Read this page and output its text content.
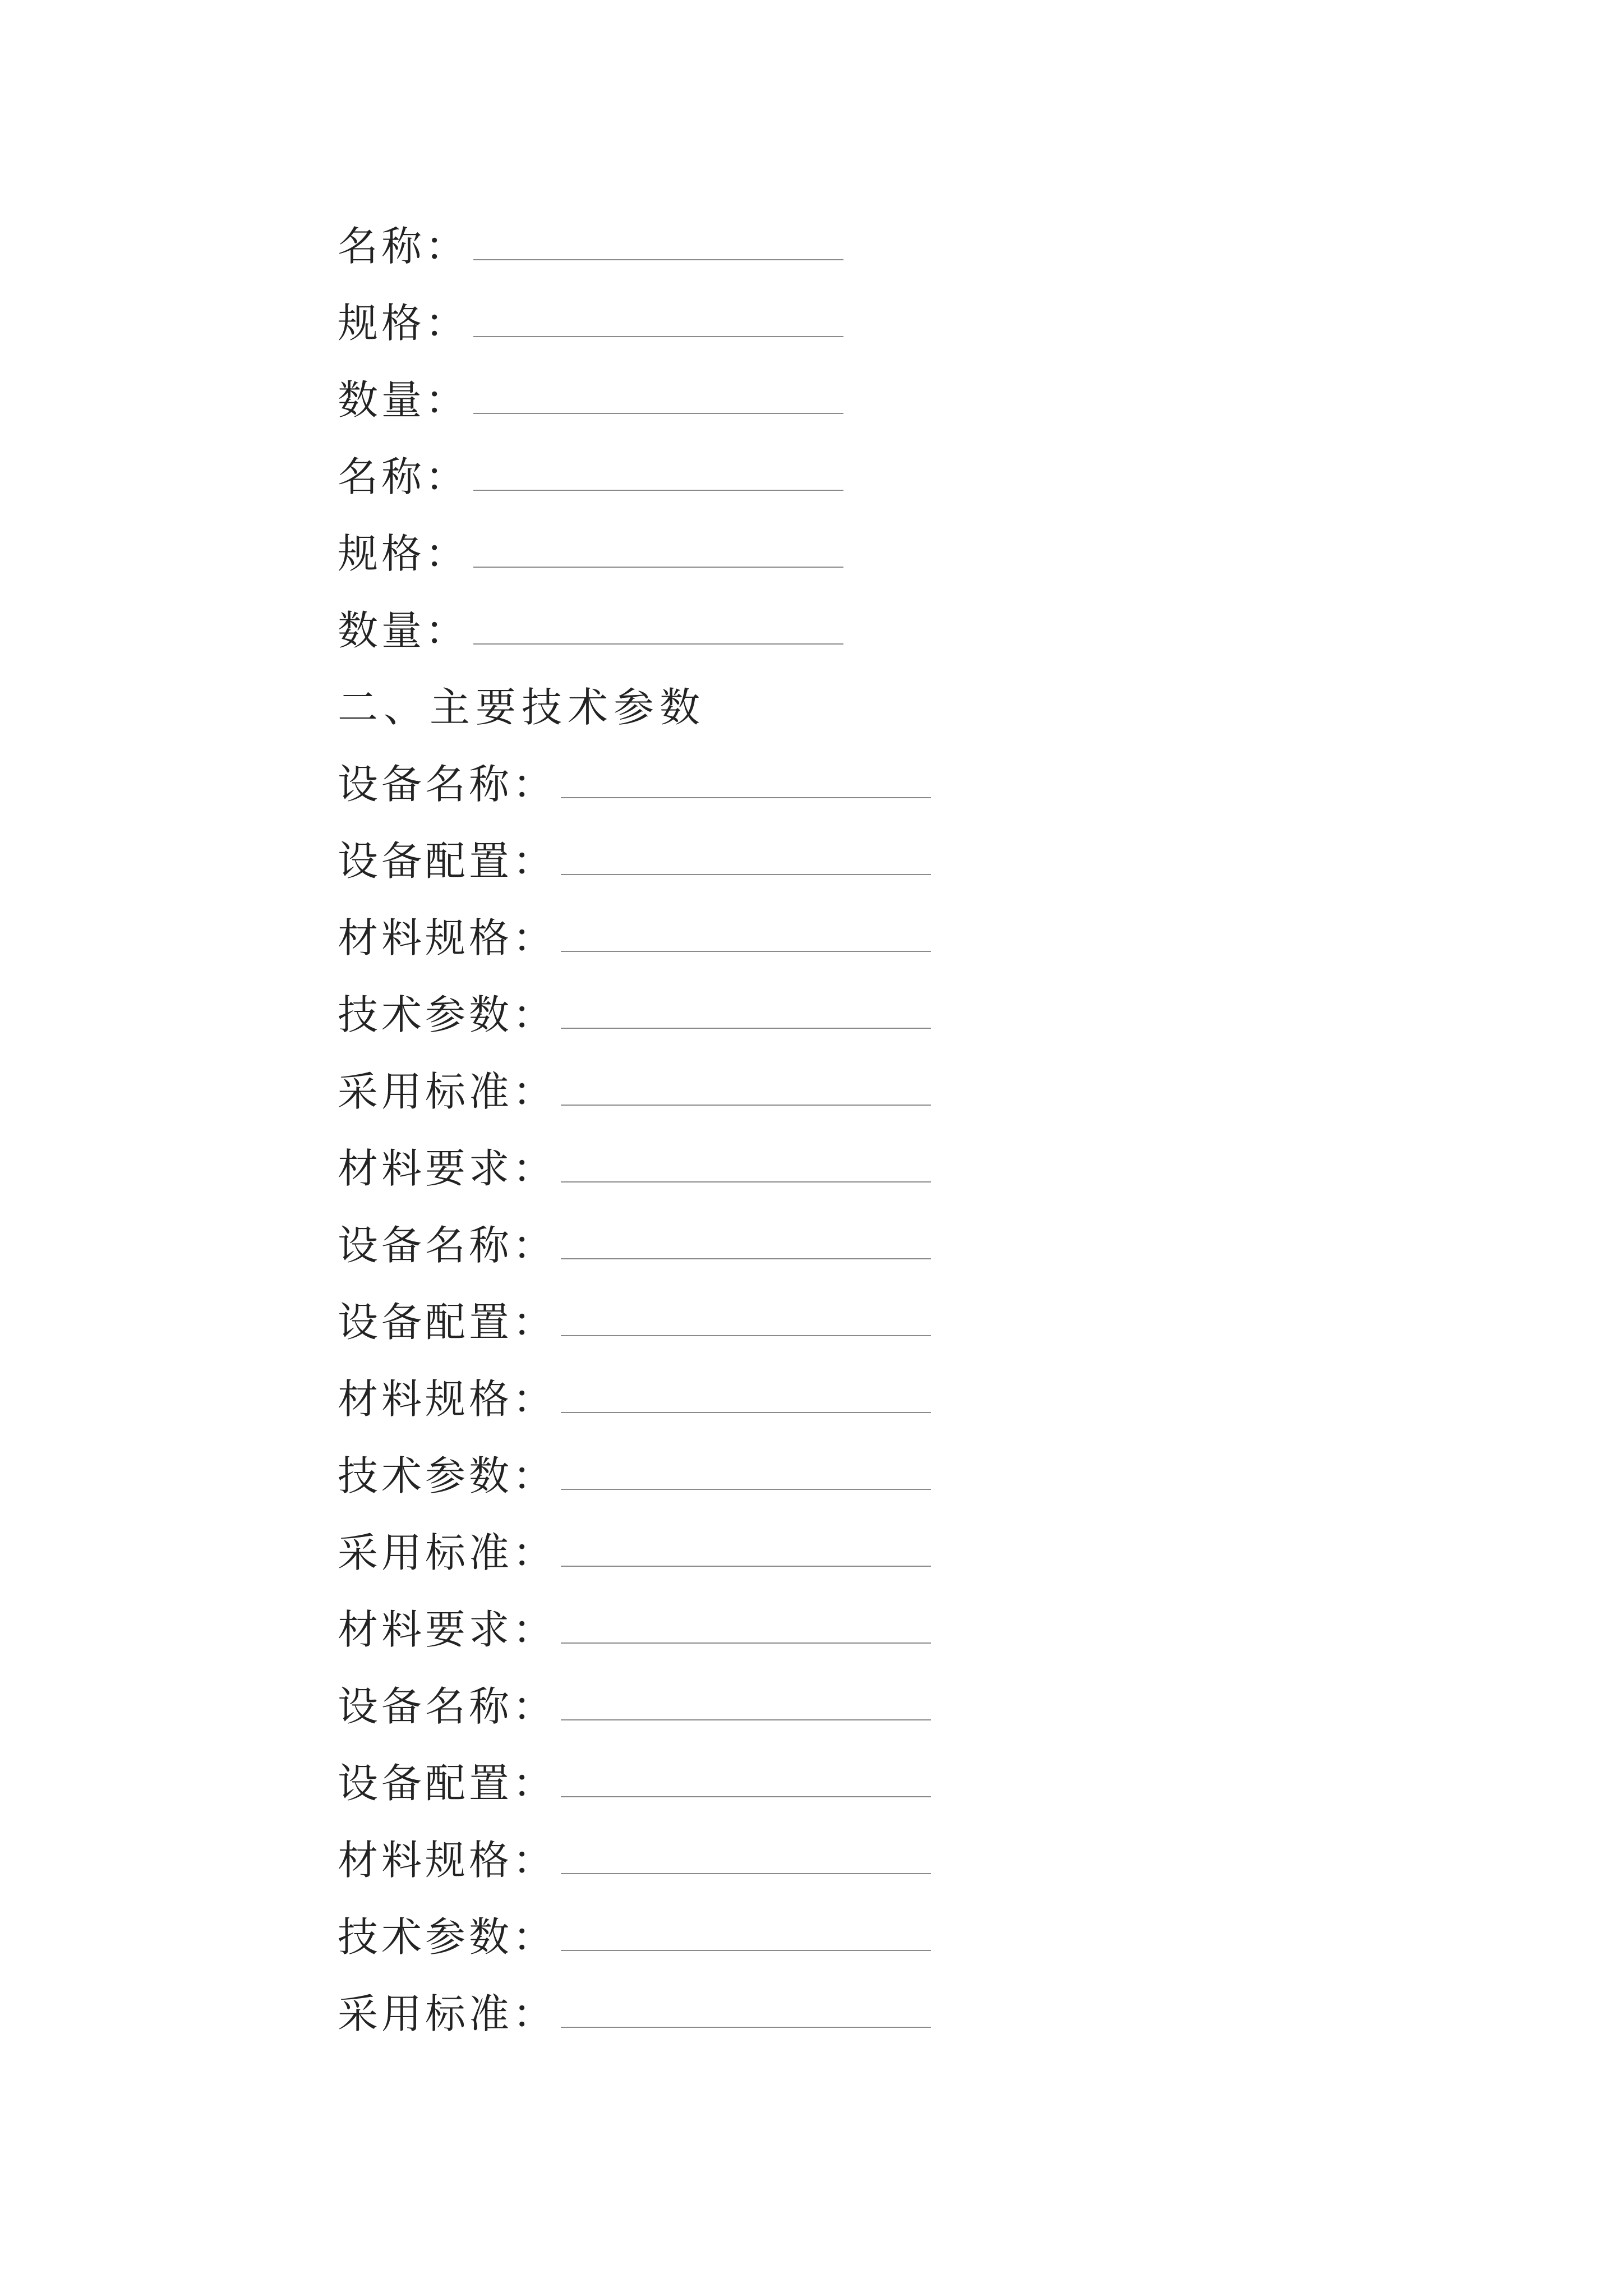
名称：
规格：
数量：
名称：
规格：
数量：
二、主要技术参数
设备名称：
设备配置：
材料规格：
技术参数：
采用标准：
材料要求：
设备名称：
设备配置：
材料规格：
技术参数：
采用标准：
材料要求：
设备名称：
设备配置：
材料规格：
技术参数：
采用标准：
